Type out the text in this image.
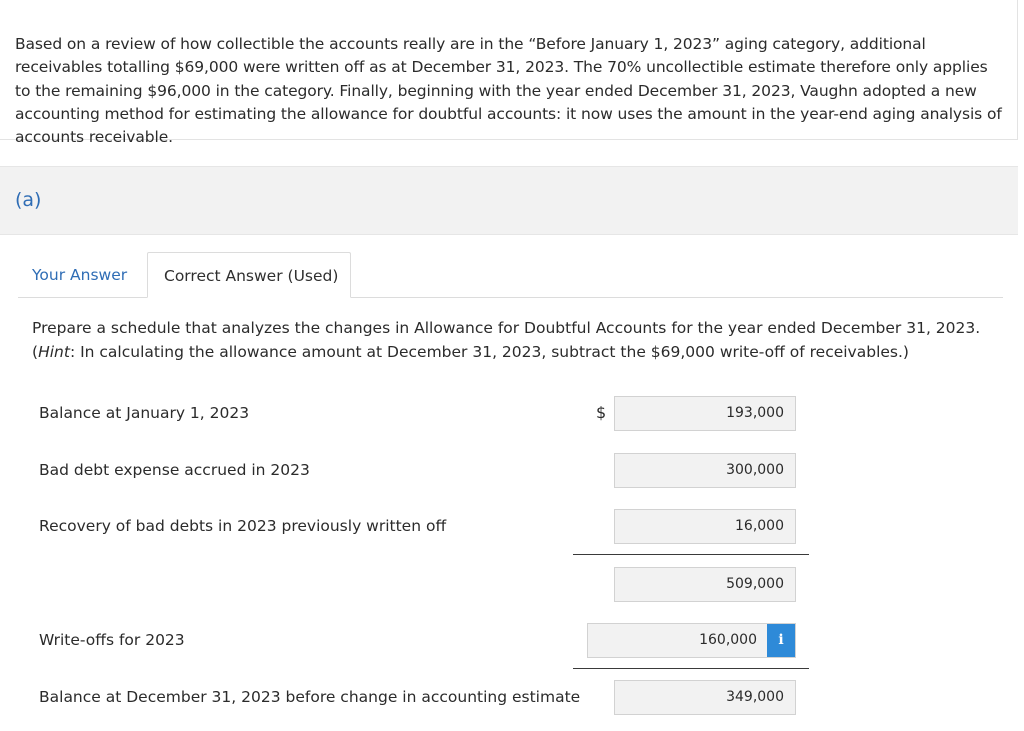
Based on a review of how collectible the accounts really are in the “Before January 1, 2023” aging category, additional receivables totalling $69,000 were written off as at December 31, 2023. The 70% uncollectible estimate therefore only applies to the remaining $96,000 in the category. Finally, beginning with the year ended December 31, 2023, Vaughn adopted a new accounting method for estimating the allowance for doubtful accounts: it now uses the amount in the year-end aging analysis of accounts receivable.

(a)
Your Answer	Correct Answer (Used)

Prepare a schedule that analyzes the changes in Allowance for Doubtful Accounts for the year ended December 31, 2023. (Hint: In calculating the allowance amount at December 31, 2023, subtract the $69,000 write-off of receivables.)

Balance at January 1, 2023	$	193,000
Bad debt expense accrued in 2023	300,000
Recovery of bad debts in 2023 previously written off	16,000
509,000
Write-offs for 2023	160,000	i
Balance at December 31, 2023 before change in accounting estimate	349,000
